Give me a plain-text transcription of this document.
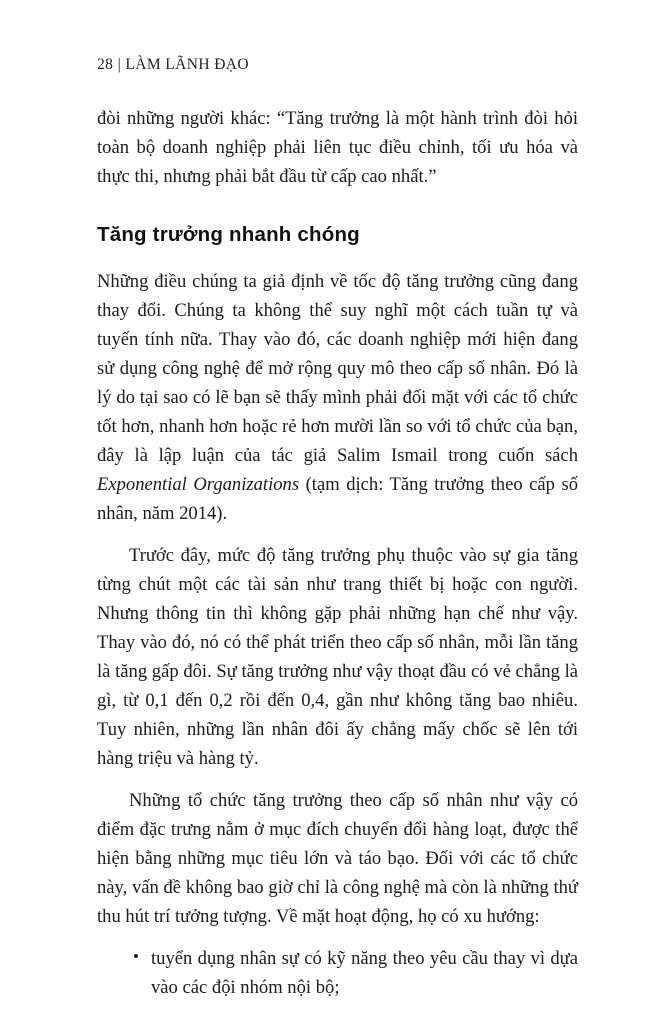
28 | LÀM LÃNH ĐẠO

đòi những người khác: “Tăng trưởng là một hành trình đòi hỏi toàn bộ doanh nghiệp phải liên tục điều chỉnh, tối ưu hóa và thực thi, nhưng phải bắt đầu từ cấp cao nhất.”

Tăng trưởng nhanh chóng

Những điều chúng ta giả định về tốc độ tăng trưởng cũng đang thay đổi. Chúng ta không thể suy nghĩ một cách tuần tự và tuyến tính nữa. Thay vào đó, các doanh nghiệp mới hiện đang sử dụng công nghệ để mở rộng quy mô theo cấp số nhân. Đó là lý do tại sao có lẽ bạn sẽ thấy mình phải đối mặt với các tổ chức tốt hơn, nhanh hơn hoặc rẻ hơn mười lần so với tổ chức của bạn, đây là lập luận của tác giả Salim Ismail trong cuốn sách Exponential Organizations (tạm dịch: Tăng trưởng theo cấp số nhân, năm 2014).

Trước đây, mức độ tăng trưởng phụ thuộc vào sự gia tăng từng chút một các tài sản như trang thiết bị hoặc con người. Nhưng thông tin thì không gặp phải những hạn chế như vậy. Thay vào đó, nó có thể phát triển theo cấp số nhân, mỗi lần tăng là tăng gấp đôi. Sự tăng trưởng như vậy thoạt đầu có vẻ chẳng là gì, từ 0,1 đến 0,2 rồi đến 0,4, gần như không tăng bao nhiêu. Tuy nhiên, những lần nhân đôi ấy chẳng mấy chốc sẽ lên tới hàng triệu và hàng tỷ.

Những tổ chức tăng trưởng theo cấp số nhân như vậy có điểm đặc trưng nằm ở mục đích chuyển đổi hàng loạt, được thể hiện bằng những mục tiêu lớn và táo bạo. Đối với các tổ chức này, vấn đề không bao giờ chỉ là công nghệ mà còn là những thứ thu hút trí tưởng tượng. Về mặt hoạt động, họ có xu hướng:

• tuyển dụng nhân sự có kỹ năng theo yêu cầu thay vì dựa vào các đội nhóm nội bộ;
